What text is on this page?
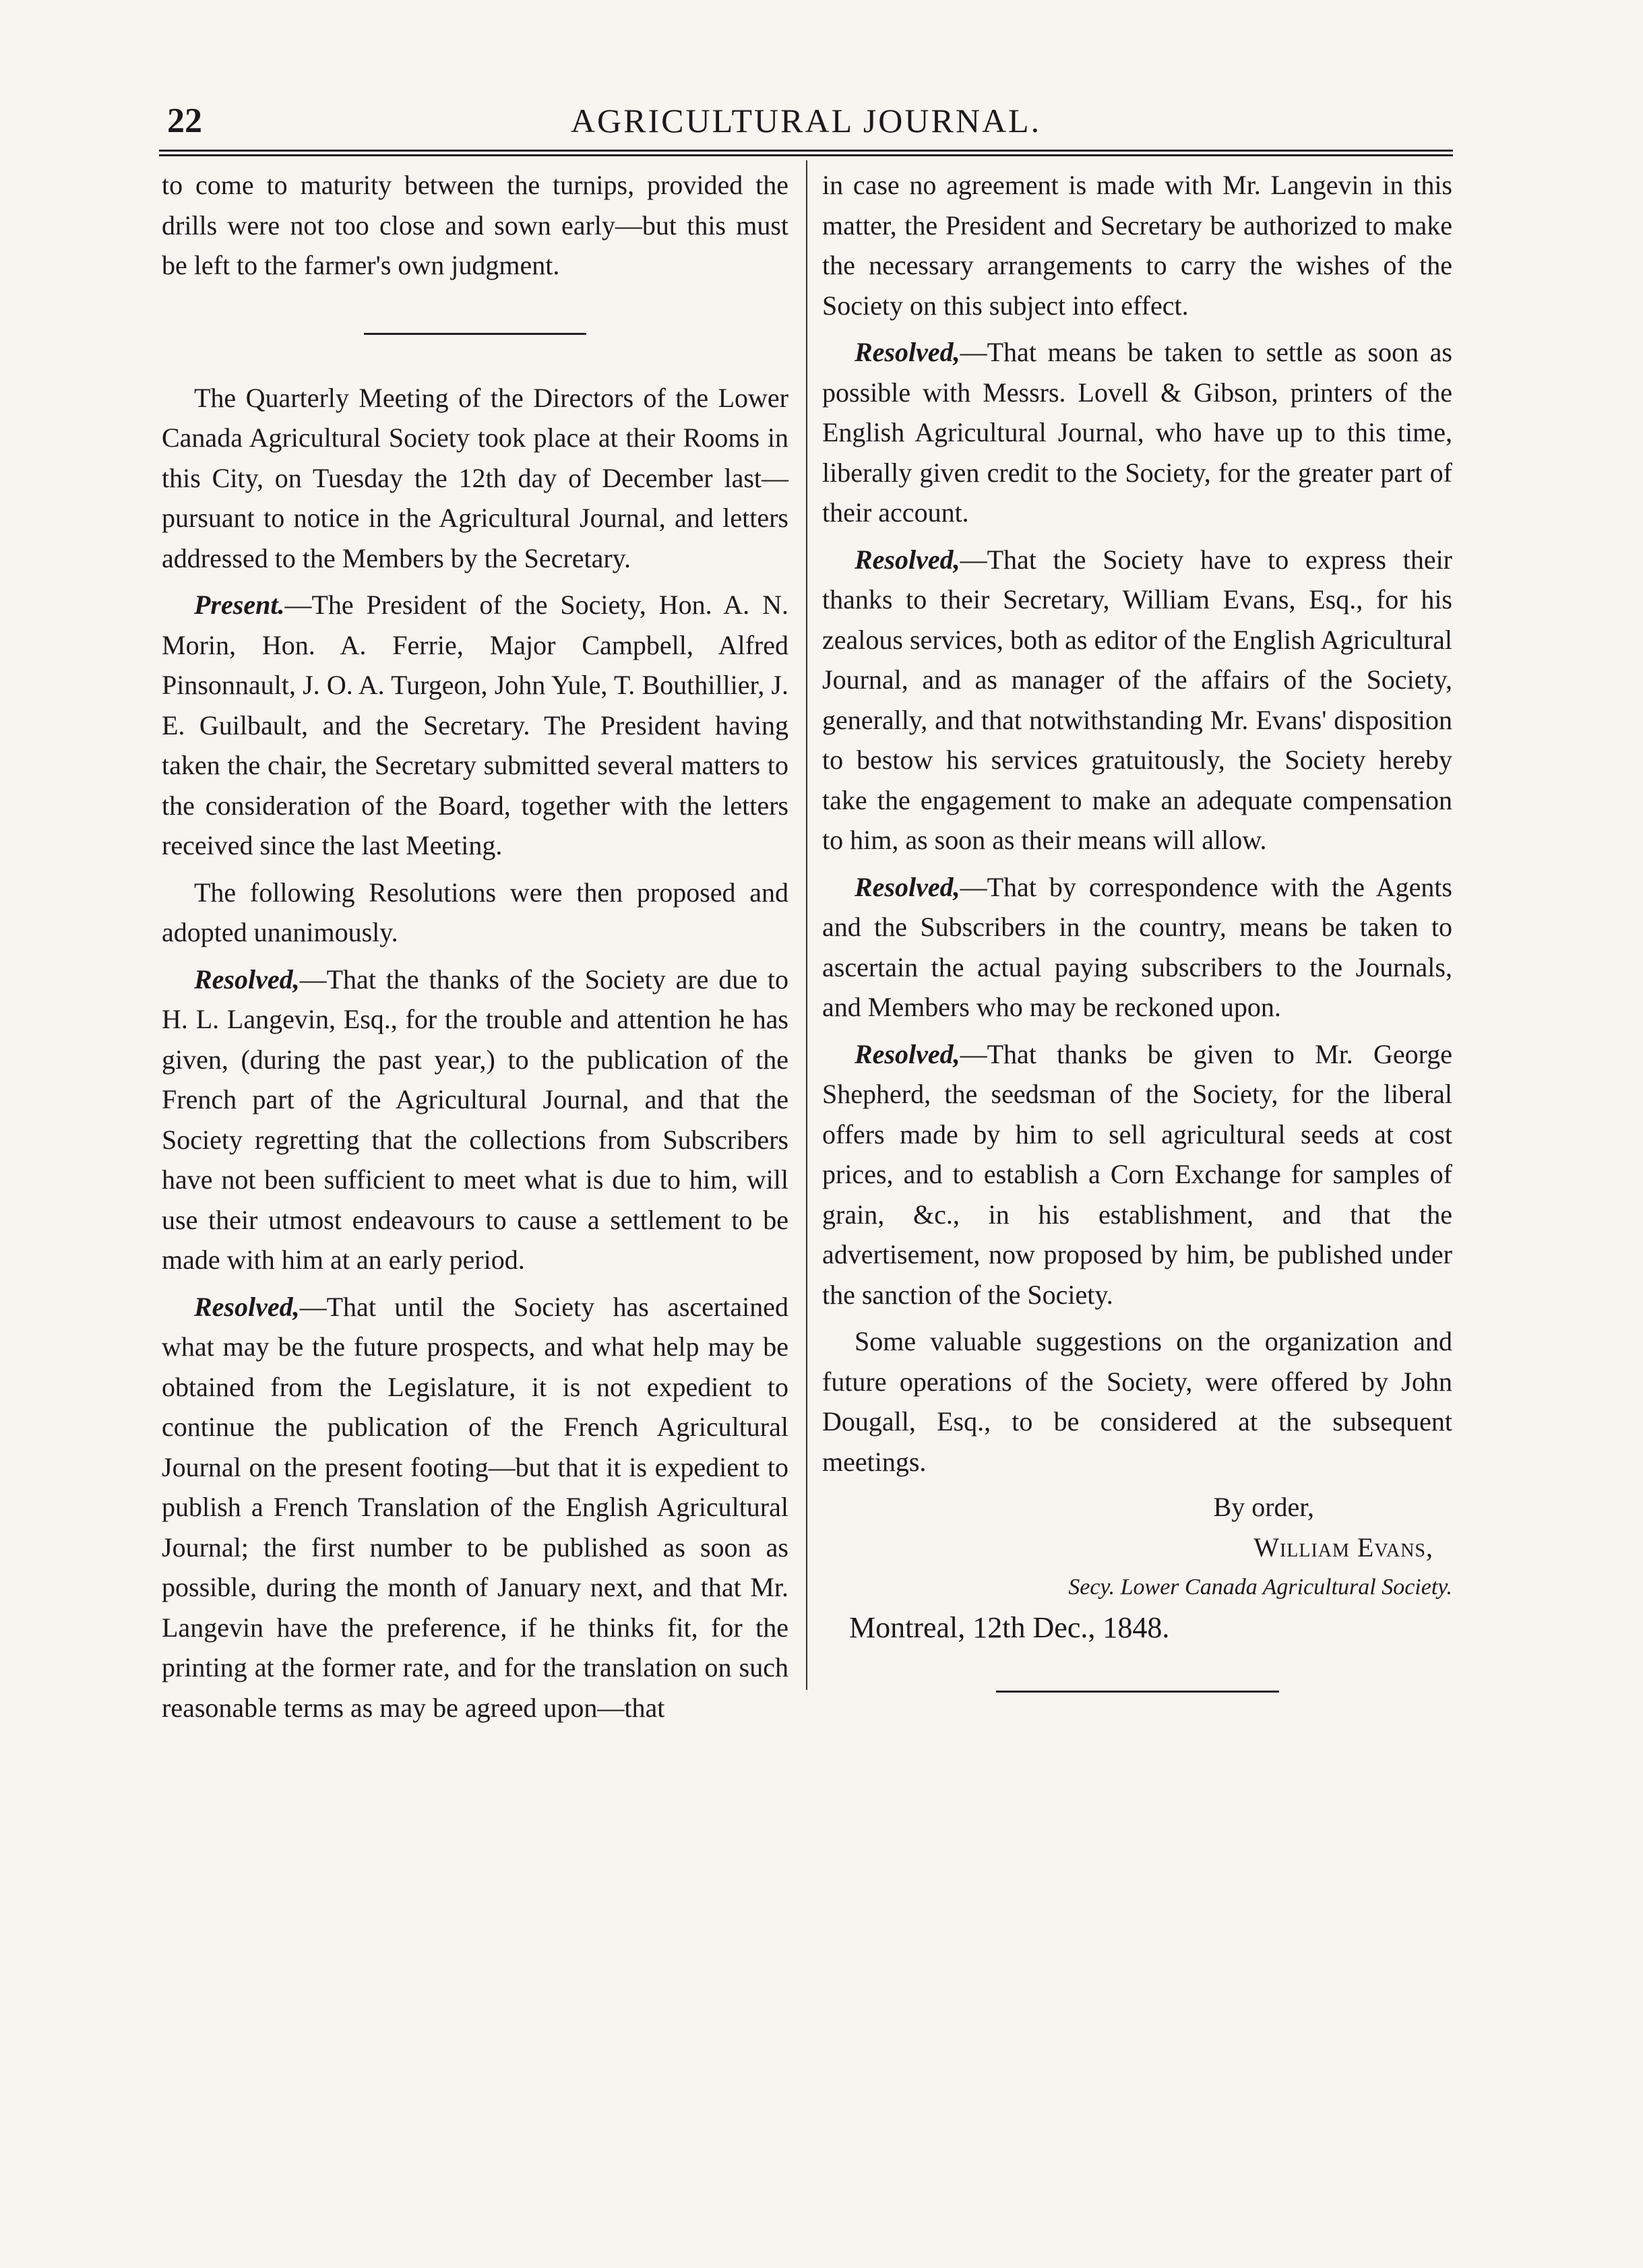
22	AGRICULTURAL JOURNAL.

to come to maturity between the turnips, provided the drills were not too close and sown early—but this must be left to the farmer's own judgment.

The Quarterly Meeting of the Directors of the Lower Canada Agricultural Society took place at their Rooms in this City, on Tuesday the 12th day of December last—pursuant to notice in the Agricultural Journal, and letters addressed to the Members by the Secretary.

Present.—The President of the Society, Hon. A. N. Morin, Hon. A. Ferrie, Major Campbell, Alfred Pinsonnault, J. O. A. Turgeon, John Yule, T. Bouthillier, J. E. Guilbault, and the Secretary. The President having taken the chair, the Secretary submitted several matters to the consideration of the Board, together with the letters received since the last Meeting.

The following Resolutions were then proposed and adopted unanimously.

Resolved,—That the thanks of the Society are due to H. L. Langevin, Esq., for the trouble and attention he has given, (during the past year,) to the publication of the French part of the Agricultural Journal, and that the Society regretting that the collections from Subscribers have not been sufficient to meet what is due to him, will use their utmost endeavours to cause a settlement to be made with him at an early period.

Resolved,—That until the Society has ascertained what may be the future prospects, and what help may be obtained from the Legislature, it is not expedient to continue the publication of the French Agricultural Journal on the present footing—but that it is expedient to publish a French Translation of the English Agricultural Journal; the first number to be published as soon as possible, during the month of January next, and that Mr. Langevin have the preference, if he thinks fit, for the printing at the former rate, and for the translation on such reasonable terms as may be agreed upon—that

in case no agreement is made with Mr. Langevin in this matter, the President and Secretary be authorized to make the necessary arrangements to carry the wishes of the Society on this subject into effect.

Resolved,—That means be taken to settle as soon as possible with Messrs. Lovell & Gibson, printers of the English Agricultural Journal, who have up to this time, liberally given credit to the Society, for the greater part of their account.

Resolved,—That the Society have to express their thanks to their Secretary, William Evans, Esq., for his zealous services, both as editor of the English Agricultural Journal, and as manager of the affairs of the Society, generally, and that notwithstanding Mr. Evans' disposition to bestow his services gratuitously, the Society hereby take the engagement to make an adequate compensation to him, as soon as their means will allow.

Resolved,—That by correspondence with the Agents and the Subscribers in the country, means be taken to ascertain the actual paying subscribers to the Journals, and Members who may be reckoned upon.

Resolved,—That thanks be given to Mr. George Shepherd, the seedsman of the Society, for the liberal offers made by him to sell agricultural seeds at cost prices, and to establish a Corn Exchange for samples of grain, &c., in his establishment, and that the advertisement, now proposed by him, be published under the sanction of the Society.

Some valuable suggestions on the organization and future operations of the Society, were offered by John Dougall, Esq., to be considered at the subsequent meetings.

By order,

William Evans,

Secy. Lower Canada Agricultural Society.

Montreal, 12th Dec., 1848.
